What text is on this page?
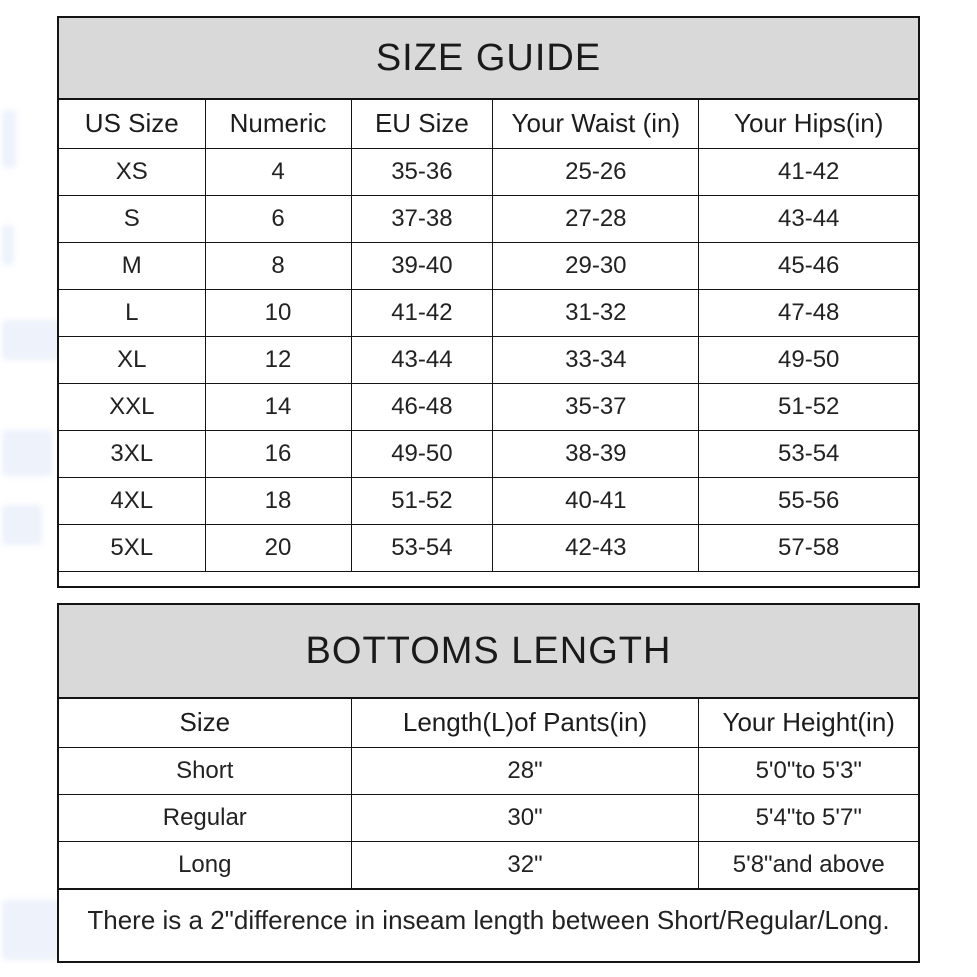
SIZE GUIDE
US Size	Numeric	EU Size	Your Waist (in)	Your Hips(in)
XS	4	35-36	25-26	41-42
S	6	37-38	27-28	43-44
M	8	39-40	29-30	45-46
L	10	41-42	31-32	47-48
XL	12	43-44	33-34	49-50
XXL	14	46-48	35-37	51-52
3XL	16	49-50	38-39	53-54
4XL	18	51-52	40-41	55-56
5XL	20	53-54	42-43	57-58
BOTTOMS LENGTH
Size	Length(L)of Pants(in)	Your Height(in)
Short	28"	5'0"to 5'3"
Regular	30"	5'4"to 5'7"
Long	32"	5'8"and above
There is a 2"difference in inseam length between Short/Regular/Long.
